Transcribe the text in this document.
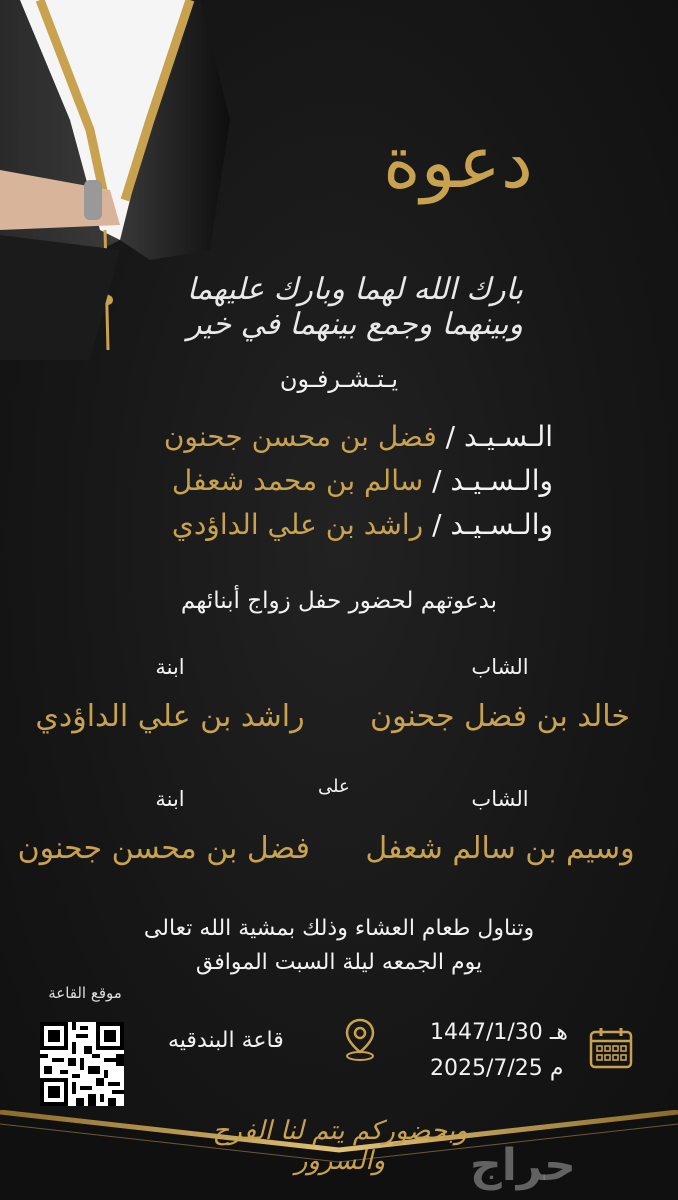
دعوة
بارك الله لهما وبارك عليهما وبينهما وجمع بينهما في خير
يـتـشـرفـون
الـسـيـد / فضل بن محسن جحنون
والـسـيـد / سالم بن محمد شعفل
والـسـيـد / راشد بن علي الداؤدي
بدعوتهم لحضور حفل زواج أبنائهم
الشاب
خالد بن فضل جحنون
ابنة
راشد بن علي الداؤدي
على
الشاب
وسيم بن سالم شعفل
ابنة
فضل بن محسن جحنون
وتناول طعام العشاء وذلك بمشية الله تعالى
يوم الجمعه ليلة السبت الموافق
موقع القاعة
قاعة البندقيه	هـ 1447/1/30
م 2025/7/25
وبحضوركم يتم لنا الفرح والسرور	حراج
